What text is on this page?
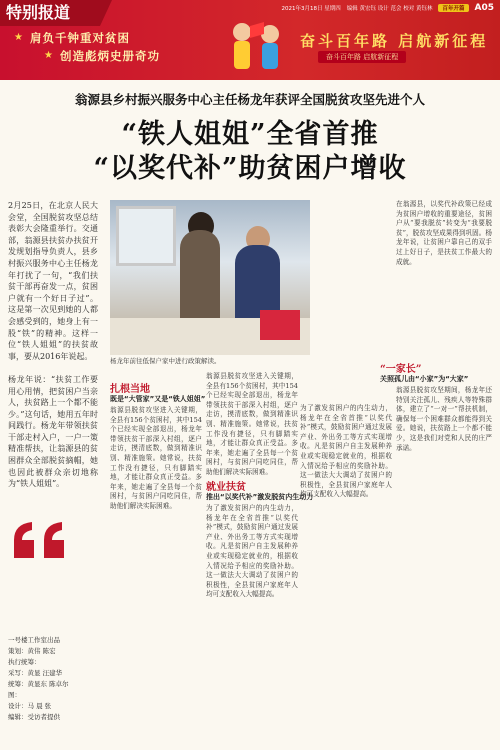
特别报道	2021年3月18日 星期四 编辑 黄宏钰 设计 范会 校对 黄钰林	百年开篇	A05
★
★
肩负千钟重对贫困
创造彪炳史册奇功
奋斗百年路 启航新征程
奋斗百年路 启航新征程
翁源县乡村振兴服务中心主任杨龙年获评全国脱贫攻坚先进个人
“铁人姐姐”全省首推
“以奖代补”助贫困户增收
2月25日，在北京人民大会堂，全国脱贫攻坚总结表彰大会隆重举行。交通部，翁源县扶贫办扶贫开发规划指导负责人，县乡村振兴服务中心主任杨龙年打扰了一句，“我们扶贫干部再奋发一点，贫困户就有一个好日子过”。这是第一次见到她的人都会感受到的，她身上有一股“铁”的精神。这样一位“铁人姐姐”的扶贫故事，要从2016年说起。

杨龙年说：“扶贫工作要用心用情，把贫困户当亲人，扶贫路上一个都不能少。”这句话，她用五年时间践行。杨龙年带领扶贫干部走村入户，一户一策精准帮扶，让翁源县的贫困群众全部脱贫摘帽，她也因此被群众亲切地称为“铁人姐姐”。
一号楼工作室出品
策划：黄伟 陈宏
执行统筹：
采写：黄显 汪建华
统筹：黄显东 陈卓尔
图：
设计：马 晨 张
编辑：受访者提供
杨龙年前往低保户家中进行政策解读。
扎根当地
既是“大管家”又是“铁人姐姐”
翁源县脱贫攻坚进入关键期，全县有156个贫困村，其中154个已经实现全部退出，杨龙年带领扶贫干部深入村组，逐户走访，摸清底数，做到精准识别、精准施策。她常说，扶贫工作没有捷径，只有脚踏实地，才能让群众真正受益。多年来，她走遍了全县每一个贫困村，与贫困户同吃同住，帮助他们解决实际困难。
翁源县脱贫攻坚进入关键期，全县有156个贫困村，其中154个已经实现全部退出，杨龙年带领扶贫干部深入村组，逐户走访，摸清底数，做到精准识别、精准施策。她常说，扶贫工作没有捷径，只有脚踏实地，才能让群众真正受益。多年来，她走遍了全县每一个贫困村，与贫困户同吃同住，帮助他们解决实际困难。
就业扶贫
推出“以奖代补”激发脱贫内生动力
为了激发贫困户的内生动力，杨龙年在全省首推“以奖代补”模式，鼓励贫困户通过发展产业、外出务工等方式实现增收。凡是贫困户自主发展种养业或实现稳定就业的，根据收入情况给予相应的奖励补助。这一做法大大调动了贫困户的积极性，全县贫困户家庭年人均可支配收入大幅提高。
为了激发贫困户的内生动力，杨龙年在全省首推“以奖代补”模式，鼓励贫困户通过发展产业、外出务工等方式实现增收。凡是贫困户自主发展种养业或实现稳定就业的，根据收入情况给予相应的奖励补助。这一做法大大调动了贫困户的积极性，全县贫困户家庭年人均可支配收入大幅提高。
在翁源县，以奖代补政策已经成为贫困户增收的重要途径，贫困户从“要我脱贫”转变为“我要脱贫”，脱贫攻坚成果得到巩固。杨龙年说，让贫困户靠自己的双手过上好日子，是扶贫工作最大的成就。
“一家长”
关照孤儿由“小家”为“大家”
翁源县脱贫攻坚期间，杨龙年还特别关注孤儿、残疾人等特殊群体，建立了“一对一”帮扶机制，确保每一个困难群众都能得到关爱。她说，扶贫路上一个都不能少，这是我们对党和人民的庄严承诺。
